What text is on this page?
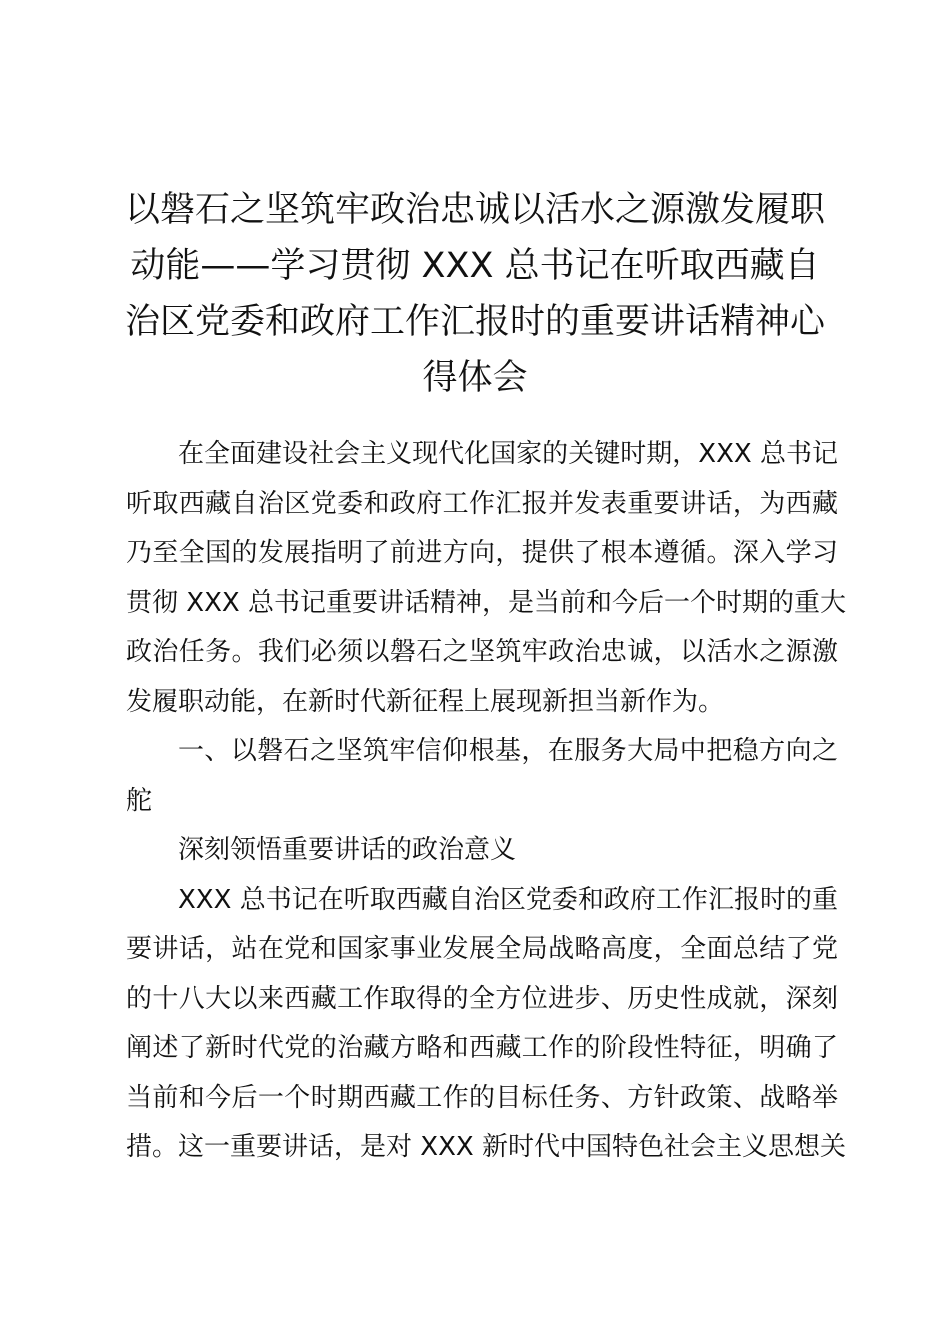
以磐石之坚筑牢政治忠诚以活水之源激发履职
动能——学习贯彻 XXX 总书记在听取西藏自
治区党委和政府工作汇报时的重要讲话精神心
得体会
在全面建设社会主义现代化国家的关键时期，XXX 总书记
听取西藏自治区党委和政府工作汇报并发表重要讲话，为西藏
乃至全国的发展指明了前进方向，提供了根本遵循。深入学习
贯彻 XXX 总书记重要讲话精神，是当前和今后一个时期的重大
政治任务。我们必须以磐石之坚筑牢政治忠诚，以活水之源激
发履职动能，在新时代新征程上展现新担当新作为。
一、以磐石之坚筑牢信仰根基，在服务大局中把稳方向之
舵
深刻领悟重要讲话的政治意义
XXX 总书记在听取西藏自治区党委和政府工作汇报时的重
要讲话，站在党和国家事业发展全局战略高度，全面总结了党
的十八大以来西藏工作取得的全方位进步、历史性成就，深刻
阐述了新时代党的治藏方略和西藏工作的阶段性特征，明确了
当前和今后一个时期西藏工作的目标任务、方针政策、战略举
措。这一重要讲话，是对 XXX 新时代中国特色社会主义思想关
